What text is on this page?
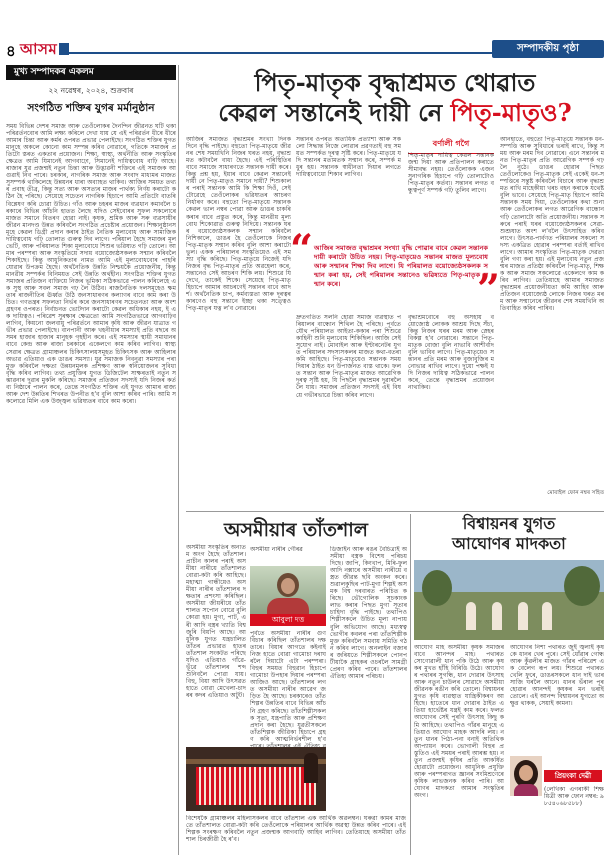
৪ আসম	সম্পাদকীয় পৃষ্ঠা
মুখ্য সম্পাদকৰ একলম
২২ নৱেম্বৰ, ২০২৪, শুক্ৰবাৰ
সংগঠিত শক্তিৰ যুগৰ মৰ্মানুষ্ঠান
সময় বিভিন্ন দেশৰ সমাজ আৰু তেওঁলোকৰ দৈনন্দিন জীৱনত ঘটি থকা পৰিৱৰ্তনবোৰ আমি লক্ষ্য কৰিলে দেখা যায় যে এই পৰিৱৰ্তন ধীৰে ধীৰে আমাৰ চিন্তা আৰু কৰ্মৰ ওপৰত প্ৰভাৱ পেলাইছে। সংগঠিত শক্তিৰ যুগত মানুহে অকলে কোনো কাম সম্পন্ন কৰিব নোৱাৰে, গতিকে সমাজৰ প্ৰতিটো স্তৰত একতাৰ প্ৰয়োজন। শিক্ষা, স্বাস্থ্য, অৰ্থনীতি আৰু সংস্কৃতিৰ ক্ষেত্ৰত আমি যিমানেই আগবাঢ়ো, সিমানেই দায়িত্ববোধ বাঢ়ি আহে। ৰাজ্যৰ যুৱ প্ৰজন্মই নতুন চিন্তা আৰু উদ্ভাৱনী শক্তিৰে এই সমাজক আগুৱাই নিব পাৰে। চৰকাৰ, নাগৰিক সমাজ আৰু সংবাদ মাধ্যমৰ মাজত সুসম্পৰ্ক থাকিলেহে উন্নয়নৰ ধাৰা অব্যাহত থাকিব। আজিৰ সময়ত তথ্যৰ প্ৰবাহ তীব্ৰ, কিন্তু সত্য আৰু অসত্যৰ মাজৰ পাৰ্থক্য নিৰ্ণয় কৰাটো কঠিন হৈ পৰিছে। সেয়েহে সচেতন নাগৰিক হিচাপে আমি প্ৰতিটো বাতৰি বিশ্লেষণ কৰি চোৱা উচিত। গাঁও আৰু চহৰৰ মাজৰ ব্যৱধান কমাবলৈ চৰকাৰে বিভিন্ন আঁচনি হাতত লৈছে যদিও সেইবোৰৰ সুফল সকলোৰে মাজত সমানে বিতৰণ হোৱা নাই। কৃষক, শ্ৰমিক আৰু সৰু ব্যৱসায়ীৰ জীৱন মানদণ্ড উন্নত কৰিবলৈ সংগঠিত প্ৰচেষ্টাৰ প্ৰয়োজন। শিক্ষানুষ্ঠানসমূহে কেৱল ডিগ্ৰী প্ৰদান কৰাৰ ঠাইত নৈতিক মূল্যবোধ আৰু সামাজিক দায়িত্ববোধ গঢ়ি তোলাত গুৰুত্ব দিব লাগে। পৰিয়াল হৈছে সমাজৰ মূল ভেটি, আৰু পৰিয়ালত শিকা মূল্যবোধে শিশুৰ ভৱিষ্যত গঢ়ি তোলে। আমাৰ পৰম্পৰা আৰু সংস্কৃতিয়ে সদায় বয়োজ্যেষ্ঠসকলক সন্মান কৰিবলৈ শিকাইছে। কিন্তু আধুনিকতাৰ নামত আমি এই মূল্যবোধবোৰ পাহৰি যোৱাৰ উপক্ৰম হৈছে। অৰ্থনৈতিক উন্নতি নিশ্চয়কৈ প্ৰয়োজনীয়, কিন্তু মানৱীয় সম্পৰ্কৰ বিনিময়ত সেই উন্নতি অৰ্থহীন। সংগঠিত শক্তিৰ যুগত সমাজৰ প্ৰতিজন ব্যক্তিয়ে নিজৰ ভূমিকা সঠিকভাৱে পালন কৰিলেহে এক সুস্থ আৰু সবল সমাজ গঢ় লৈ উঠিব। ৰাজনৈতিক দলসমূহেও ক্ষমতাৰ ৰাজনীতিৰ ঊৰ্ধ্বত উঠি জনসাধাৰণৰ কল্যাণৰ বাবে কাম কৰা উচিত। গণতন্ত্ৰৰ সফলতা নিৰ্ভৰ কৰে জনসাধাৰণৰ সচেতনতা আৰু অংশগ্ৰহণৰ ওপৰত। নিৰ্বাচনত ভোটদান কৰাটো কেৱল অধিকাৰ নহয়, ই এক দায়িত্বও। পৰিৱেশ সুৰক্ষাৰ ক্ষেত্ৰতো আমি সংগঠিতভাৱে আগবাঢ়িব লাগিব, কিয়নো জলবায়ু পৰিৱৰ্তনে আমাৰ কৃষি আৰু জীৱন যাত্ৰাত গভীৰ প্ৰভাৱ পেলাইছে। বানপানী আৰু খহনীয়াৰ সমস্যাই প্ৰতি বছৰে অসমৰ হাজাৰ হাজাৰ মানুহক গৃহহীন কৰে। এই সমস্যাৰ স্থায়ী সমাধানৰ বাবে কেন্দ্ৰ আৰু ৰাজ্য চৰকাৰে একেলগে কাম কৰিব লাগিব। স্বাস্থ্য সেৱাৰ ক্ষেত্ৰত গ্ৰামাঞ্চলৰ চিকিৎসালয়সমূহত চিকিৎসক আৰু আহিলাৰ অভাৱ এতিয়াও এক ডাঙৰ সমস্যা। যুৱ সমাজক নিবনুৱা সমস্যাৰ পৰা মুক্ত কৰিবলৈ দক্ষতা উন্নয়নমূলক প্ৰশিক্ষণ আৰু স্বনিয়োজনৰ সুবিধা বৃদ্ধি কৰিব লাগিব। তথ্য প্ৰযুক্তিৰ যুগত ডিজিটেল সাক্ষৰতাই নতুন সম্ভাৱনাৰ দুৱাৰ মুকলি কৰিছে। সমাজৰ প্ৰতিজন সদস্যই যদি নিজৰ কৰ্তব্য নিষ্ঠাৰে পালন কৰে, তেন্তে সংগঠিত শক্তিৰ এই যুগত আমাৰ ৰাজ্য আৰু দেশ উন্নতিৰ শিখৰত উপনীত হ'ব বুলি আশা কৰিব পাৰি। আমি সকলোৱে মিলি এক উজ্জ্বল ভৱিষ্যতৰ বাবে কাম কৰো।
পিতৃ-মাতৃক বৃদ্ধাশ্ৰমত থোৱাত
কেৱল সন্তানেই দায়ী নে পিতৃ-মাতৃও?
আজিৰ সমাজত বৃদ্ধাশ্ৰমৰ সংখ্যা দিনক দিনে বৃদ্ধি পাইছে। বহুতো পিতৃ-মাতৃয়ে জীৱনৰ শেষ সময়খিনি নিজৰ ঘৰত নহয়, বৃদ্ধাশ্ৰমত কটাবলৈ বাধ্য হৈছে। এই পৰিস্থিতিৰ বাবে সমাজে সাধাৰণতে সন্তানক দায়ী কৰে। কিন্তু প্ৰশ্ন হয়, ইয়াৰ বাবে কেৱল সন্তানেই দায়ী নে পিতৃ-মাতৃও সমানে দায়ী? শিশুকালৰ পৰাই সন্তানক আমি কি শিক্ষা দিওঁ, সেইটোৱেহে তেওঁলোকৰ ভৱিষ্যতৰ আচৰণ নিৰ্ধাৰণ কৰে। বহুতো পিতৃ-মাতৃয়ে সন্তানক কেৱল ভাল নম্বৰ পোৱা আৰু ডাঙৰ চাকৰি কৰাৰ বাবে প্ৰস্তুত কৰে, কিন্তু মানৱীয় মূল্যবোধ শিকোৱাত গুৰুত্ব নিদিয়ে। সন্তানক ঘৰৰ বয়োজ্যেষ্ঠসকলক সন্মান কৰিবলৈ নিশিকালে, ডাঙৰ হৈ তেওঁলোকে নিজৰ পিতৃ-মাতৃক সন্মান কৰিব বুলি আশা কৰাটো ভুল। একক পৰিয়ালৰ সংস্কৃতিয়েও এই সমস্যা বৃদ্ধি কৰিছে। পিতৃ-মাতৃয়ে নিজেই যদি নিজৰ বৃদ্ধ পিতৃ-মাতৃৰ প্ৰতি অৱহেলা কৰে, সন্তানেও সেই আচৰণ শিকি লয়। শিশুৱে যি দেখে, তাকেই শিকে। সেয়েহে পিতৃ-মাতৃ হিচাপে আমাৰ আচৰণেই সন্তানৰ বাবে আদৰ্শ। অৰ্থনৈতিক চাপ, কৰ্মব্যস্ততা আৰু দূৰত্বৰ কাৰণেও বহু সন্তানে ইচ্ছা থকা সত্ত্বেও পিতৃ-মাতৃৰ যত্ন ল'ব নোৱাৰে।
সন্তানৰ ওপৰত অত্যধিক প্ৰত্যাশা আৰু সকলো সিদ্ধান্ত নিজে লোৱাৰ প্ৰৱণতাই বহু সময়ত সম্পৰ্কত দূৰত্ব সৃষ্টি কৰে। পিতৃ-মাতৃয়ে যদি সন্তানৰ মতামতক সন্মান কৰে, সম্পৰ্ক মধুৰ হয়। সন্তানক স্বাধীনতা দিয়াৰ লগতে দায়িত্ববোধো শিকাব লাগিব।
বৰ্ণালী গগৈ
পিতৃ-মাতৃৰ দায়িত্ব কেৱল সন্তানক জন্ম দিয়া আৰু প্ৰতিপালন কৰাতে সীমাবদ্ধ নহয়। তেওঁলোকক এজন সুনাগৰিক হিচাপে গঢ়ি তোলাটোও পিতৃ-মাতৃৰ কৰ্তব্য। সন্তানৰ লগত বন্ধুত্বপূৰ্ণ সম্পৰ্ক গঢ়ি তুলিব লাগে।
আনহাতে, বহুতো পিতৃ-মাতৃয়ে সন্তানক ধন-সম্পত্তি আৰু সুবিধাৰে ভৰাই ৰাখে, কিন্তু সময় আৰু মৰম দিব নোৱাৰে। এনে সন্তানৰ মনত পিতৃ-মাতৃৰ প্ৰতি আৱেগিক সম্পৰ্ক গঢ় লৈ নুঠে। ডাঙৰ হোৱাৰ পিছত তেওঁলোকেও পিতৃ-মাতৃক সেই একেই ধন-সম্পত্তিৰে সন্তুষ্ট কৰিবলৈ বিচাৰে আৰু বৃদ্ধাশ্ৰমত ৰাখি মাহেকীয়া খৰচ বহন কৰাকে যথেষ্ট বুলি ভাবে। সেয়েহে পিতৃ-মাতৃ হিচাপে আমি সন্তানক সময় দিয়া, তেওঁলোকৰ কথা শুনা আৰু তেওঁলোকৰ লগত আৱেগিক বান্ধোন গঢ়ি তোলাটো অতি প্ৰয়োজনীয়। সন্তানক সৰুৰে পৰাই ঘৰৰ বয়োজ্যেষ্ঠসকলৰ সেৱা-শুশ্ৰূষাত অংশ ল'বলৈ উৎসাহিত কৰিব লাগে। উৎসৱ-পাৰ্বণত পৰিয়ালৰ সকলো সদস্য একত্ৰিত হোৱাৰ পৰম্পৰা বৰ্তাই ৰাখিব লাগে। আমাৰ সংস্কৃতিত পিতৃ-মাতৃক দেৱতা বুলি গণ্য কৰা হয়। এই মূল্যবোধ নতুন প্ৰজন্মৰ মাজত প্ৰতিষ্ঠা কৰিবলৈ পিতৃ-মাতৃ, শিক্ষক আৰু সমাজ সকলোৱে একেলগে কাম কৰিব লাগিব। তেতিয়াহে আমাৰ সমাজত বৃদ্ধাশ্ৰমৰ প্ৰয়োজনীয়তা কমি আহিব আৰু প্ৰতিজন বয়োজ্যেষ্ঠ লোকে নিজৰ ঘৰত মৰম আৰু সন্মানেৰে জীৱনৰ শেষ সময়খিনি অতিবাহিত কৰিব পাৰিব।
“ আজিৰ সমাজত বৃদ্ধাশ্ৰমৰ সংখ্যা বৃদ্ধি পোৱাৰ বাবে কেৱল সন্তানক দায়ী কৰাটো উচিত নহয়। পিতৃ-মাতৃয়েও সন্তানৰ মাজত মূল্যবোধ আৰু সন্মানৰ শিক্ষা দিব লাগে। যি পৰিয়ালত বয়োজ্যেষ্ঠসকলক সন্মান কৰা হয়, সেই পৰিয়ালৰ সন্তানেও ভৱিষ্যতে পিতৃ-মাতৃক সন্মান কৰে।	”
দ্ৰুতগতিত সলনি হোৱা সমাজ ব্যৱস্থাত পৰিয়ালৰ বান্ধোন শিথিল হৈ পৰিছে। পূৰ্বতে যৌথ পৰিয়ালত আইতা-ককাৰ পৰা শিশুৱে কাহিনী শুনি মূল্যবোধ শিকিছিল। আজি সেই সুযোগ নাই। মোবাইল আৰু ইণ্টাৰনেটৰ যুগত পৰিয়ালৰ সদস্যসকলৰ মাজত কথা-বতৰা কমি আহিছে। পিতৃ-মাতৃয়েও সন্তানক সময় দিয়াৰ ঠাইত ধন উপাৰ্জনত ব্যস্ত থাকে। ফলত সন্তান আৰু পিতৃ-মাতৃৰ মাজত আৱেগিক দূৰত্ব সৃষ্টি হয়, যি পিছলৈ বৃদ্ধাশ্ৰমৰ দুৱাৰলৈ লৈ যায়। সমাজৰ প্ৰতিজন সদস্যই এই বিষয়ে গভীৰভাৱে চিন্তা কৰিব লাগে।
বৃদ্ধাশ্ৰমবোৰে বহু অসহায় বয়োজ্যেষ্ঠ লোকক আশ্ৰয় দিছে সঁচা, কিন্তু নিজৰ ঘৰৰ মৰম আৰু স্নেহৰ বিকল্প হ'ব নোৱাৰে। সন্তানে পিতৃ-মাতৃক বোজা বুলি নাভাবি আশীৰ্বাদ বুলি ভাবিব লাগে। পিতৃ-মাতৃয়েও সন্তানৰ প্ৰতি মৰম আৰু বুজাবুজিৰ মনোভাৱ ৰাখিব লাগে। দুয়ো পক্ষই যদি নিজৰ দায়িত্ব সঠিকভাৱে পালন কৰে, তেন্তে বৃদ্ধাশ্ৰমৰ প্ৰয়োজন নাথাকিব।
মোবাইল ফোন নম্বৰ সহিত
অসমীয়াৰ তাঁতশাল
অসমীয়া সংস্কৃতিৰ অন্যতম অংগ হৈছে তাঁতশাল। প্ৰাচীন কালৰ পৰাই অসমীয়া নাৰীয়ে তাঁতশালত বোৱা-কটা কৰি আহিছে। মহাত্মা গান্ধীয়েও অসমীয়া নাৰীৰ তাঁতশালৰ দক্ষতাৰ প্ৰশংসা কৰিছিল। অসমীয়া জীয়ৰীয়ে তাঁতশালত সপোন বোৱে বুলি কোৱা হয়। মুগা, পাট, এৰী আদি বস্ত্ৰৰ খ্যাতি বিশ্বজুৰি বিয়পি আছে। আধুনিক যুগত যন্ত্ৰচালিত তাঁতৰ প্ৰভাৱত হাতৰ তাঁতশাল সংকটত পৰিছে যদিও এতিয়াও গাঁৱে-ভূঁৱে তাঁতশালৰ শব্দ শুনিবলৈ পোৱা যায়। বিহু, বিয়া আদি উৎসৱত হাতে বোৱা মেখেলা-চাদৰৰ কদৰ এতিয়াও অটুট।
অসমীয়া নাৰীৰ গৌৰৱ
আবুলা দত্ত
পূৰ্বতে অসমীয়া নাৰীৰ গুণ বিচাৰ কৰিছিল তাঁতশালৰ দক্ষতাৰে। বিয়াৰ আগতে কইনাই নিজ হাতে বোৱা গামোচা দৰাঘৰলৈ দিয়াটো এটা পৰম্পৰা। বিহুৰ সময়ত বিহুৱান হিচাপে গামোচা উপহাৰ দিয়াৰ পৰম্পৰা আজিও আছে। তাঁতশালৰ লগত অসমীয়া নাৰীৰ আৱেগ জড়িত হৈ আছে। চৰকাৰেও তাঁতশিল্পৰ উন্নতিৰ বাবে বিভিন্ন আঁচনি গ্ৰহণ কৰিছে। তাঁতশিল্পীসকলক সূতা, যন্ত্ৰপাতি আৰু প্ৰশিক্ষণ প্ৰদান কৰা হৈছে। যুৱতীসকলে তাঁতশিল্পক জীৱিকা হিচাপে গ্ৰহণ কৰি আত্মনিৰ্ভৰশীল হ'ব
ডিজাইন আৰু ৰঙৰ বৈচিত্ৰ্যই অসমীয়া বস্ত্ৰক বিশেষ পৰিচয় দিছে। জাপি, কিংখাপ, মিৰি-ফুল আদি নক্সাৰে অসমীয়া নাৰীয়ে বস্ত্ৰত জীৱন্ত ছবি অংকন কৰে। শুৱালকুছিৰ পাট-মুগা শিল্পই অসমক বিশ্ব দৰবাৰত পৰিচিত কৰিছে। ভৌগোলিক সূচকাংক লাভ কৰাৰ পিছত মুগা সূতাৰ চাহিদা বৃদ্ধি পাইছে। তথাপিও শিল্পীসকলে উচিত মূল্য নাপায় বুলি অভিযোগ আছে। মধ্যস্বত্বভোগীৰ কবলৰ পৰা তাঁতশিল্পীক মুক্ত কৰিবলৈ সমবায় সমিতি গঠন কৰিব লাগে। অনলাইন বজাৰৰ জৰিয়তে শিল্পীসকলে পোনপটীয়াকৈ গ্ৰাহকৰ ওচৰলৈ সামগ্ৰী প্ৰেৰণ কৰিব পাৰে। তাঁতশালৰ ঐতিহ্য আমাৰ পৰিচয়।
বিশেষকৈ গ্ৰামাঞ্চলৰ মহিলাসকলৰ বাবে তাঁতশাল এক আৰ্থিক অৱলম্বন। ঘৰুৱা কামৰ মাজতে তাঁতশালত বোৱা-কটা কৰি তেওঁলোকে পৰিয়ালৰ আৰ্থিক অৱস্থা উন্নত কৰিব পাৰে। এই শিল্পক সংৰক্ষণ কৰিবলৈ নতুন প্ৰজন্মক আগবাঢ়ি আহিব লাগিব। তেতিয়াহে অসমীয়া তাঁতশাল চিৰজীৱী হৈ ৰ'ব।
বিশ্বায়নৰ যুগত
আঘোণৰ মাদকতা
আঘোণ মাহ অসমীয়া কৃষক সমাজৰ বাবে আনন্দৰ মাহ। পথাৰত সোণোৱালী ধান পকি উঠে আৰু কৃষকৰ মুখত হাঁহি বিৰিঙি উঠে। আঘোণৰ পথাৰৰ সুগন্ধি, ধান দোৱাৰ উৎসাহ আৰু নতুন চাউলৰ সোৱাদে অসমীয়া জীৱনক ৰঙীন কৰি তোলে। বিশ্বায়নৰ যুগত কৃষি ব্যৱস্থাত যান্ত্ৰিকীকৰণ আহিছে। হাতেৰে ধান দোৱাৰ ঠাইত এতিয়া হাৰ্ভেষ্টৰ যন্ত্ৰই কাম কৰে। ফলত আঘোণৰ সেই পুৰণি উৎসাহ কিছু কমি আহিছে। তথাপিও গাঁৱৰ মানুহে এতিয়াও আঘোণ মাহক আদৰি লয়। নতুন ধানৰ পিঠা-পনা বনাই অতিথিক আপ্যায়ন কৰে। ভোগালী বিহুৰ প্ৰস্তুতিও এই সময়ৰ পৰাই আৰম্ভ হয়। নতুন প্ৰজন্মই কৃষিৰ প্ৰতি আকৰ্ষিত হোৱাটো প্ৰয়োজন। আধুনিক প্ৰযুক্তি আৰু পৰম্পৰাগত জ্ঞানৰ সংমিশ্ৰণেৰে কৃষিক লাভজনক কৰিব পাৰি। আঘোণৰ মাদকতা আমাৰ সংস্কৃতিৰ অংগ।
আঘোণৰ নিশা পথাৰত জুই জ্বলাই কৃষকে ধানৰ খেৰ পুৰে। সেই ধোঁৱাৰ গোন্ধ আৰু কুঁৱলীৰ মাজত গাঁৱৰ পৰিৱেশ এক বেলেগ ৰূপ লয়। শিশুৱে পথাৰত খেলি ফুৰে, ডাঙৰসকলে ধান দাই ভাৰ সাজি ঘৰলৈ আনে। ধানৰ ভঁৰাল পূৰ হোৱাৰ আনন্দই কৃষকৰ মন ভৰাই তোলে। এই আনন্দ বিশ্বায়নৰ যুগতো অক্ষুণ্ণ থাকক, সেয়াই কামনা।
প্ৰিয়ংকা দেৱী
(লেখিকা এগৰাকী শিক্ষয়িত্ৰী আৰু ফোন নম্বৰ: ৯৮৫৪০৬৮৫৮৮)
